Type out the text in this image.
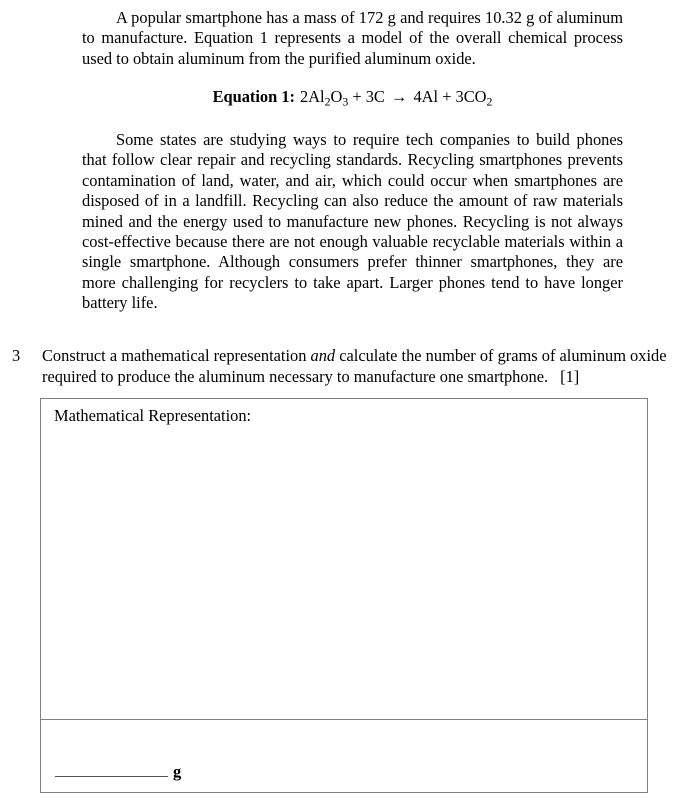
A popular smartphone has a mass of 172 g and requires 10.32 g of aluminum to manufacture. Equation 1 represents a model of the overall chemical process used to obtain aluminum from the purified aluminum oxide.

Equation 1: $2Al_2O_3 + 3C \to 4Al + 3CO_2$

Some states are studying ways to require tech companies to build phones that follow clear repair and recycling standards. Recycling smartphones prevents contamination of land, water, and air, which could occur when smartphones are disposed of in a landfill. Recycling can also reduce the amount of raw materials mined and the energy used to manufacture new phones. Recycling is not always cost-effective because there are not enough valuable recyclable materials within a single smartphone. Although consumers prefer thinner smartphones, they are more challenging for recyclers to take apart. Larger phones tend to have longer battery life.

3	Construct a mathematical representation and calculate the number of grams of aluminum oxide required to produce the aluminum necessary to manufacture one smartphone. [1]
Mathematical Representation:
g
